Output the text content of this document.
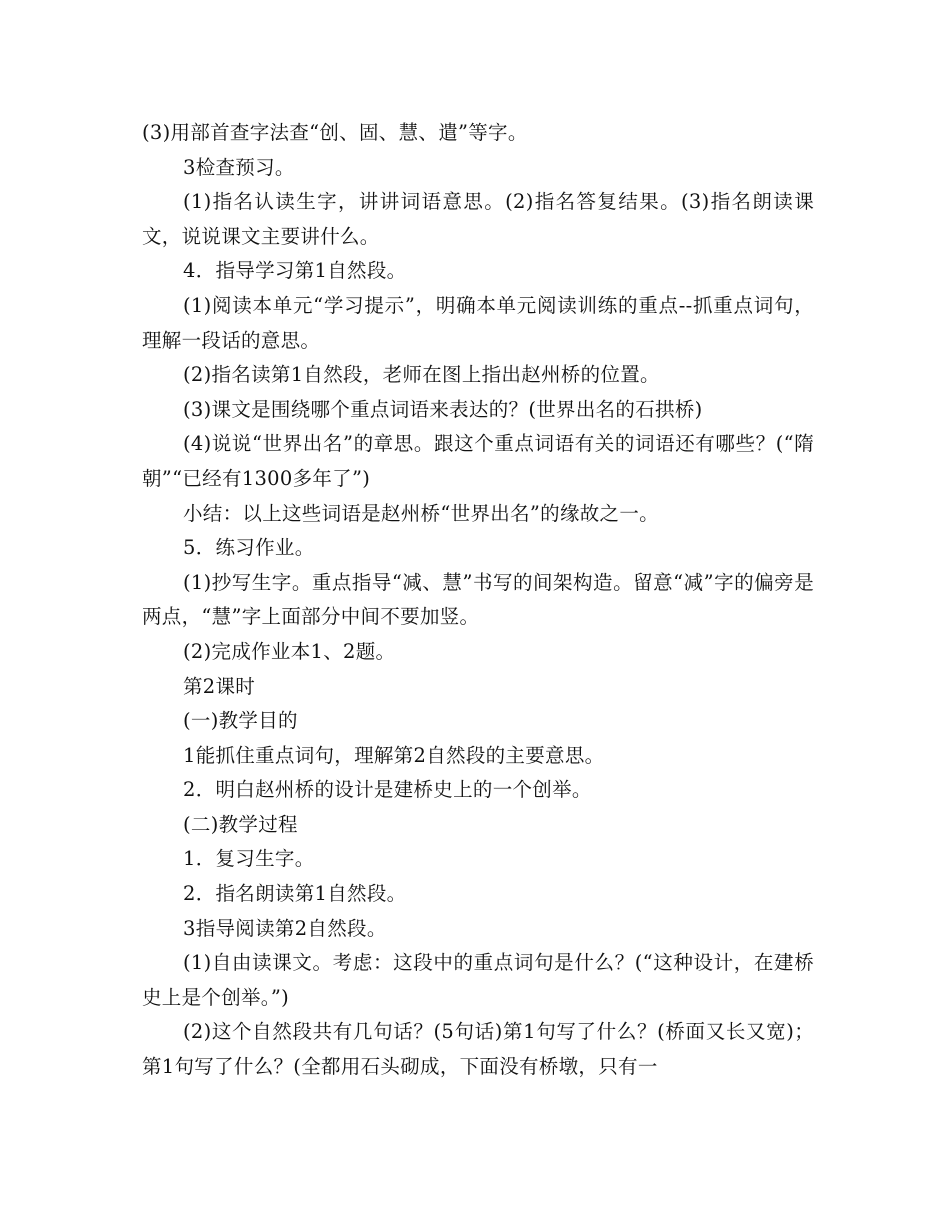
(3)用部首查字法查“创、固、慧、遣”等字。

3检查预习。

(1)指名认读生字，讲讲词语意思。(2)指名答复结果。(3)指名朗读课文，说说课文主要讲什么。

4．指导学习第1自然段。

(1)阅读本单元“学习提示”，明确本单元阅读训练的重点--抓重点词句，理解一段话的意思。

(2)指名读第1自然段，老师在图上指出赵州桥的位置。

(3)课文是围绕哪个重点词语来表达的？(世界出名的石拱桥)

(4)说说“世界出名”的章思。跟这个重点词语有关的词语还有哪些？(“隋朝”“已经有1300多年了”)

小结：以上这些词语是赵州桥“世界出名”的缘故之一。

5．练习作业。

(1)抄写生字。重点指导“减、慧”书写的间架构造。留意“减”字的偏旁是两点，“慧”字上面部分中间不要加竖。

(2)完成作业本1、2题。

第2课时

(一)教学目的

1能抓住重点词句，理解第2自然段的主要意思。

2．明白赵州桥的设计是建桥史上的一个创举。

(二)教学过程

1．复习生字。

2．指名朗读第1自然段。

3指导阅读第2自然段。

(1)自由读课文。考虑：这段中的重点词句是什么？(“这种设计，在建桥史上是个创举。”)

(2)这个自然段共有几句话？(5句话)第1句写了什么？(桥面又长又宽)；第1句写了什么？(全都用石头砌成，下面没有桥墩，只有一
